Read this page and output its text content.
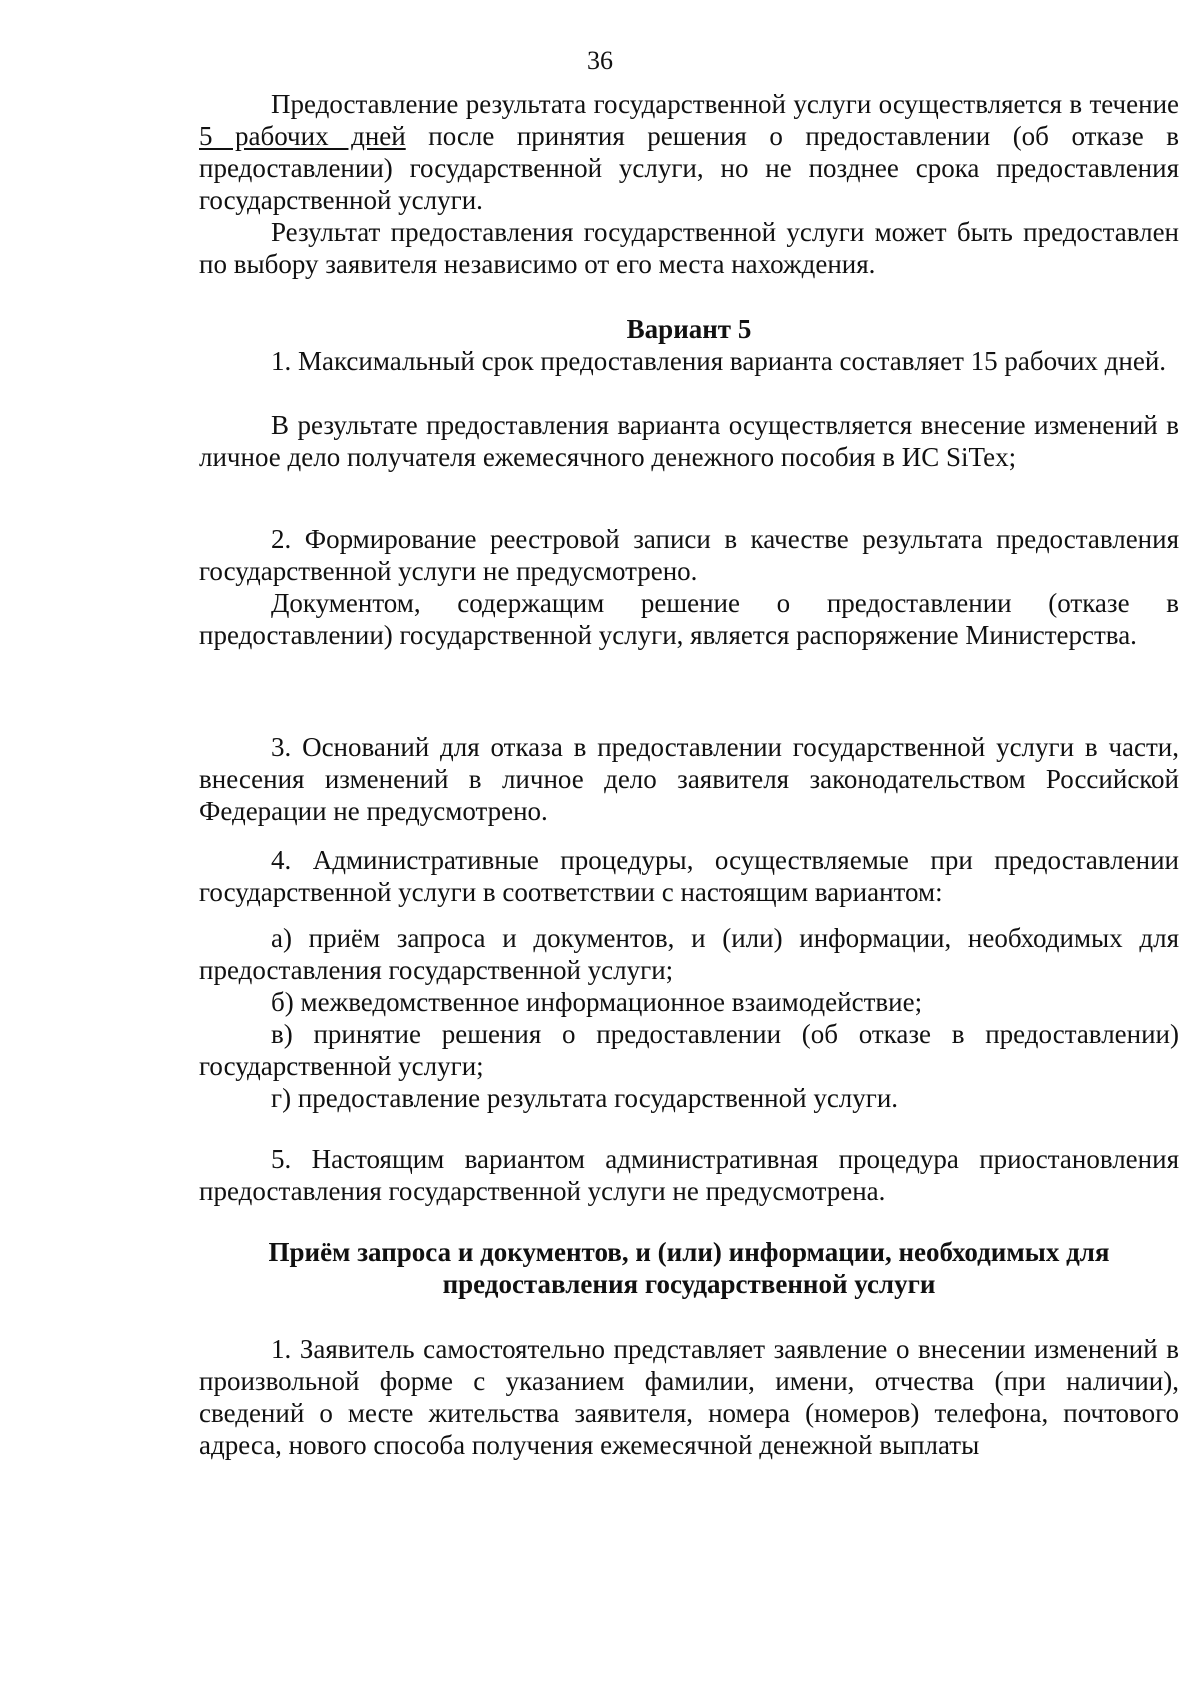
36

Предоставление результата государственной услуги осуществляется в течение 5 рабочих дней после принятия решения о предоставлении (об отказе в предоставлении) государственной услуги, но не позднее срока предоставления государственной услуги.

Результат предоставления государственной услуги может быть предоставлен по выбору заявителя независимо от его места нахождения.

Вариант 5

1. Максимальный срок предоставления варианта составляет 15 рабочих дней.

В результате предоставления варианта осуществляется внесение изменений в личное дело получателя ежемесячного денежного пособия в ИС SiTex;

2. Формирование реестровой записи в качестве результата предоставления государственной услуги не предусмотрено.

Документом, содержащим решение о предоставлении (отказе в предоставлении) государственной услуги, является распоряжение Министерства.

3. Оснований для отказа в предоставлении государственной услуги в части, внесения изменений в личное дело заявителя законодательством Российской Федерации не предусмотрено.

4. Административные процедуры, осуществляемые при предоставлении государственной услуги в соответствии с настоящим вариантом:

а) приём запроса и документов, и (или) информации, необходимых для предоставления государственной услуги;

б) межведомственное информационное взаимодействие;

в) принятие решения о предоставлении (об отказе в предоставлении) государственной услуги;

г) предоставление результата государственной услуги.

5. Настоящим вариантом административная процедура приостановления предоставления государственной услуги не предусмотрена.

Приём запроса и документов, и (или) информации, необходимых для
предоставления государственной услуги

1. Заявитель самостоятельно представляет заявление о внесении изменений в произвольной форме с указанием фамилии, имени, отчества (при наличии), сведений о месте жительства заявителя, номера (номеров) телефона, почтового адреса, нового способа получения ежемесячной денежной выплаты
